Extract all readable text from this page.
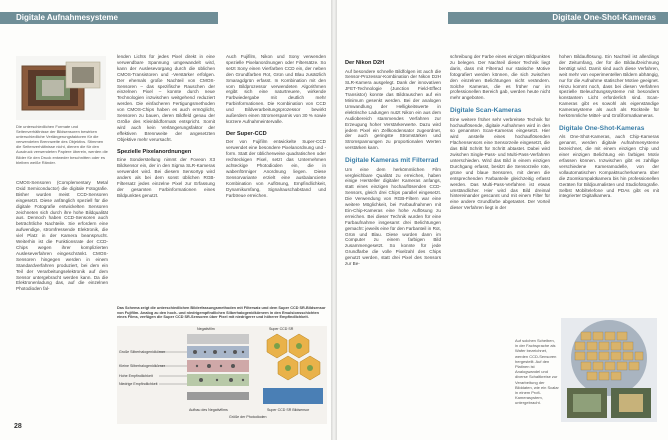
Digitale Aufnahmesysteme
Die unterschiedlichen Formate und Seitenverhältnisse der Bildsensoren bewirken unterschiedliche Verlängerungsfaktoren für die verwendeten Brennweite des Objektivs. Stimmen die Seitenverhältnisse nicht, dienen die für den Ausdruck verwendeten Papiere überein, werden die Bilder für den Druck entweder beschnitten oder es bleiben weiße Ränder.

CMOS-Sensoren (Complementary Metal Oxid Semiconductor) die digitale Fotografie. Bisher wurden meist CCD-Sensoren eingesetzt. Diese anfänglich speziell für die digitale Fotografie entwickelten Sensoren zeichneten sich durch ihre hohe Bildqualität aus. Dennoch haben CCD-Sensoren auch beträchtliche Nachteile. Sie erfordern eine aufwendige, stromfressende Elektronik, die viel Platz in der Kamera beansprucht. Weiterhin ist die Funktionsrate der CCD-Chips wegen ihrer komplizierten Ausleseverfahren eingeschränkt. CMOS-Sensoren hingegen werden in einem Standardverfahren produziert, bei dem ein Teil der Verarbeitungselektronik auf dem Sensor untergebracht werden kann. Da die Elektronenladung das, auf die einzelnen Photodioden fal-

lenden Lichts für jedes Pixel direkt in eine verwendbare Spannung umgewandelt wird, kann der Auslesevorgang durch die üblichen CMOS-Transistoren und -Verstärker erfolgen. Der ehemals große Nachteil von CMOS-Sensoren – das spezifische Rauschen der einzelnen Pixel – konnte durch neue Technologien inzwischen weitgehend reduziert werden. Die einfacheren Fertigungsmethoden von CMOS-Chips haben es auch ermöglicht, Sensoren zu bauen, deren Bildfeld genau der Größe des Kleinbildformats entspricht. Somit wird auch kein Verlängerungsfaktor der effektiven Brennweite der angesetzten Objektive mehr verursacht.

Spezielle Pixelanordnungen

Eine Sonderstellung nimmt der Foveon X3 Bildsensor ein, der in den Sigma SLR-Kameras verwendet wird. Bei diesem Sensortyp wird anders als bei dem sonst üblichen RGB-Filtersatz jedes einzelne Pixel zur Erfassung der gesamten Farbinformationen eines Bildpunktes genutzt.

Auch Fujifilm, Nikon und Sony verwenden spezielle Pixelanordnungen oder Filtersätze. So setzt Sony einen Vierfarben CCD ein, der neben den Grundfarben Rot, Grün und Blau zusätzlich Smaragdgrün erfasst. In Kombination mit den vom Bildprozessor verwendeten Algorithmen ergibt sich eine naturtreuere, wirkende Farbwiedergabe mit deutlich mehr Farbinformationen. Die Kombination von CCD und Bildverarbeitungsprozessor bewirkt außerdem einen Stromersparnis von 30 % sowie kürzere Aufnahmeintervalle.

Der Super-CCD

Der von Fujifilm entwickelte Super-CCD verwendet eine besondere Pixelanordnung und -form. Statt der üblicherweise quadratischen oder rechteckigen Pixel, setzt das Unternehmen achteckige Photodioden ein, die in wabenförmiger Anordnung liegen. Diese Sensorvariante erzielt eine ausbalancierte Kombination von Auflösung, Empfindlichkeit, Dynamikumfang, Signalrauschabstand und Farbtreue erreichen.

Das Schema zeigt die unterschiedlichen Bilderfassungsmethoden mit Filtersatz und dem Super CCD SR-Bildsensor von Fujifilm. Analog zu den hoch- und niedrigempfindlichen Silberhalogenidkörnern in den Emulsionsschichten eines Films, verfügen die Super CCD SR-Sensoren über Pixel mit niedrigerer und höherer Empfindlichkeit.
Negativfilm	Super CCD SR
Große Silberhalogenidkörner
Kleine Silberhalogenidkörner
Hohe Empfindlichkeit
Niedrige Empfindlichkeit
Aufbau des Negativfilms
Größe der Photodioden
Super CCD SR Bildsensor
28
Digitale One-Shot-Kameras
Der Nikon D2H

Auf besondere schnelle Bildfolgen ist auch die Sensor-Prozessor-Kombination der Nikon D2H SLR-Kamera ausgelegt. Dank der innovativen JFET-Technologie (Junction Field-Effect Transistor) konnte das Bildrauschen auf ein Minimum gesenkt werden. Bei der analogen Umwandlung der Helligkeitswerte in elektrische Ladungen nutzt Nikon ein aus dem Audiobereich stammendes Verfahren zur Erzeugung hoher Verstärkerwerte. Dazu wird jedem Pixel ein Zellkondensator zugeordnet, der auch geringste Stromstärken und Stromspannungen zu proportionalen Werten verstärken kann.

Digitale Kameras mit Filterrad

Um eine dem herkömmlichen Film vergleichbare Qualität zu erreichen, haben einige Hersteller digitaler Kameras anfangs, statt eines einzigen hochauflösenden CCD-Sensors, gleich drei Chips parallel eingesetzt. Die Verwendung von RGB-Filtern war eine weitere Möglichkeit, bei Farbaufnahmen mit Ein-Chip-Kameras eine hohe Auflösung zu erreichen. Bei dieser Technik wurden für eine Farbaufnahme insgesamt drei Belichtungen gemacht: jeweils eine für den Farbanteil in Rot, Grün und Blau. Diese wurden dann im Computer zu einem farbigen Bild zusammengesetzt. So konnte für jede Grundfarbe die volle Pixelzahl des Chips genutzt werden, statt drei Pixel des Sensors zur Be-

schreibung der Farbe eines einzigen Bildpunktes zu belegen. Der Nachteil dieser Technik liegt darin, dass mit Filterrad nur statische Motive fotografiert werden können, die sich zwischen den einzelnen Belichtungen nicht verändern. Solche Kameras, die es früher nur im professionellen Bereich gab, werden heute nicht mehr angeboten.

Digitale Scan-Kameras

Eine weitere früher sehr verbreitete Technik für hochauflösende, digitale Aufnahmen wird in den so genannten Scan-Kameras eingesetzt. Hier wird anstelle eines hochauflösenden Flächensensors eine Sensorzeile eingesetzt, die das Bild Schritt für Schritt abtastet. Dabei wird zwischen Single-Pass- und Multi-Pass-Verfahren unterschieden. Wird das Bild in einem einzigen Durchgang erfasst, besitzt die Sensorzeile rote, grüne und blaue Sensoren, mit denen die entsprechenden Farbanteile gleichzeitig erfasst werden. Das Multi-Pass-Verfahren ist etwas umständlicher. Hier wird das Bild dreimal hintereinander gescannt und mit einem Filter für eine andere Grundfarbe abgetastet. Der Vorteil dieser Verfahren liegt in der

hohen Bildauflösung. Ein Nachteil ist allerdings der Zeitumfang, der für die Bildaufzeichnung benötigt wird. Damit sind auch diese Verfahren, weit mehr von experimentellen Bildern abhängig, nur für die Aufnahme statischer Motive geeignet. Hinzu kommt noch, dass bei diesen Verfahren spezielle Beleuchtungssysteme mit besonders konstantem Licht erforderlich sind. Scan-Kameras gibt es sowohl als eigenständige Kamerasysteme als auch als Rückteile für herkömmliche Mittel- und Großformatkameras.

Digitale One-Shot-Kameras

Als One-Shot-Kameras, auch Chip-Kameras genannt, werden digitale Aufnahmesysteme bezeichnet, die mit einem einzigen Chip und einer einzigen Belichtung ein farbiges Motiv erfassen können. Inzwischen gibt es zahllige verschiedene Kameramodelle, von der vollautomatischen Kompaktsucherkamera über die Zoomkompaktkamera bis hin professionellen Geräten für Bildjournalisten und Studiofotografie. Selbst Mobiltelefone und PDAs gibt es mit integrierter Digitalkamera.

Auf solchen Scheiben, in der Fachsprache als Wafer bezeichnet, werden CCD-Sensoren hergestellt. Auf den Platinen ist Analogwandel und diverse Schaltkreise zur Verarbeitung der Bilddaten, wie ein Scalar in einem Profi-Kamerasystem, untergebracht.
